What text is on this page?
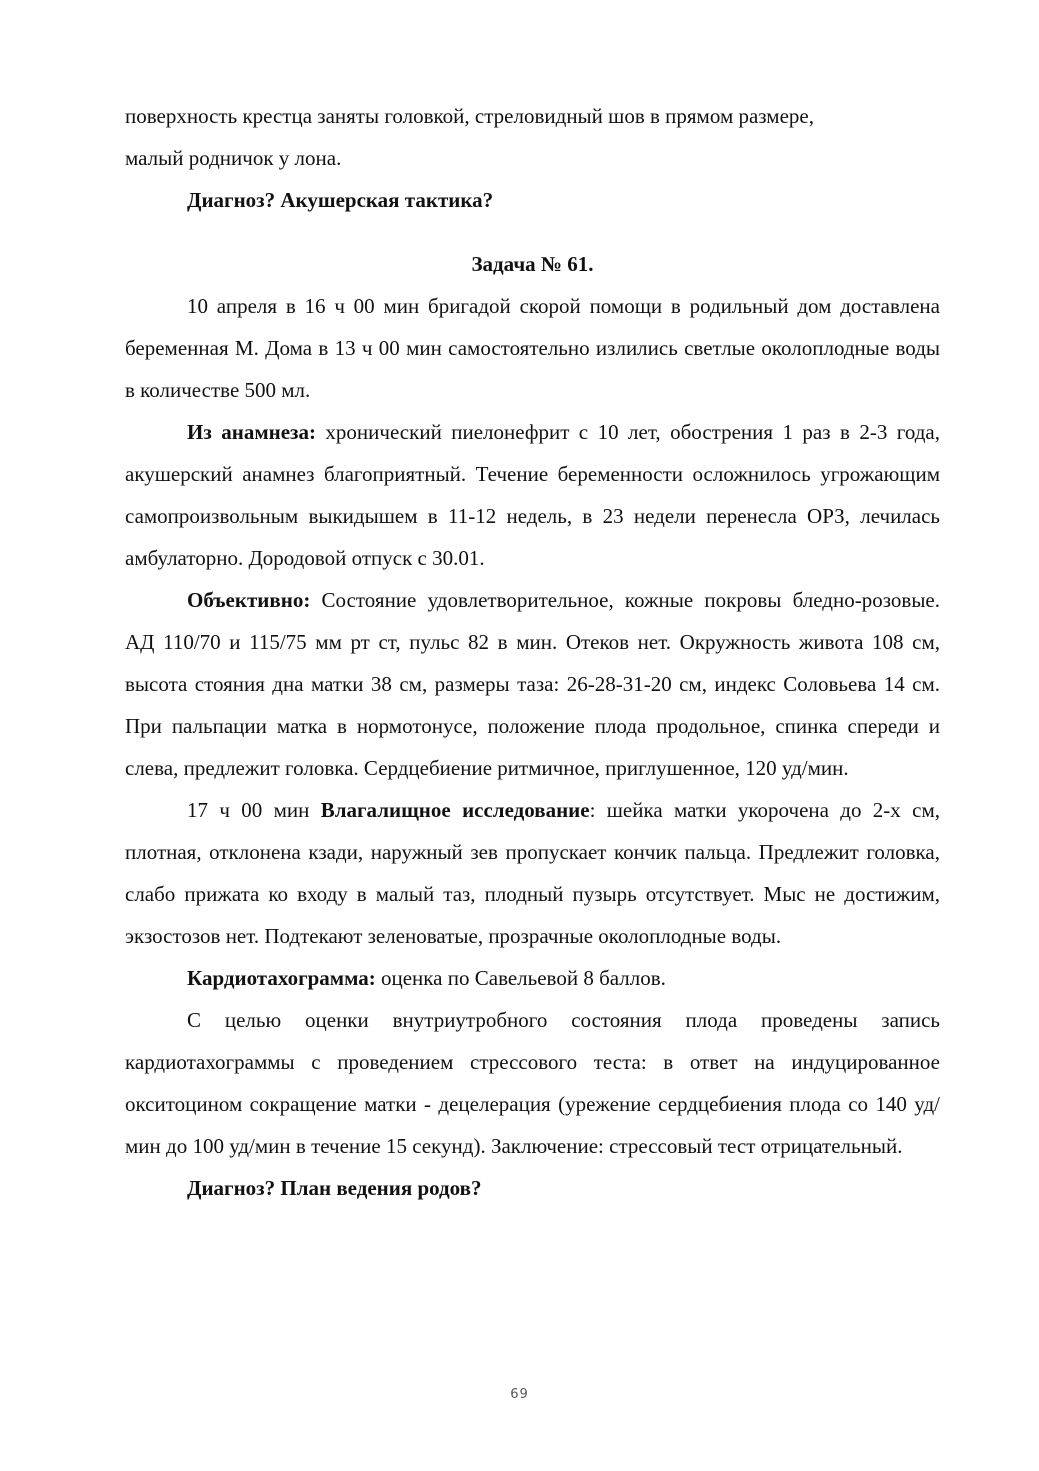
поверхность крестца заняты головкой, стреловидный шов в прямом размере,
малый родничок у лона.

Диагноз? Акушерская тактика?

Задача № 61.

10 апреля в 16 ч 00 мин бригадой скорой помощи в родильный дом доставлена беременная М. Дома в 13 ч 00 мин самостоятельно излились светлые околоплодные воды в количестве 500 мл.

Из анамнеза: хронический пиелонефрит с 10 лет, обострения 1 раз в 2-3 года, акушерский анамнез благоприятный. Течение беременности осложнилось угрожающим самопроизвольным выкидышем в 11-12 недель, в 23 недели перенесла ОРЗ, лечилась амбулаторно. Дородовой отпуск с 30.01.

Объективно: Состояние удовлетворительное, кожные покровы бледно-розовые. АД 110/70 и 115/75 мм рт ст, пульс 82 в мин. Отеков нет. Окружность живота 108 см, высота стояния дна матки 38 см, размеры таза: 26-28-31-20 см, индекс Соловьева 14 см. При пальпации матка в нормотонусе, положение плода продольное, спинка спереди и слева, предлежит головка. Сердцебиение ритмичное, приглушенное, 120 уд/мин.

17 ч 00 мин Влагалищное исследование: шейка матки укорочена до 2-х см, плотная, отклонена кзади, наружный зев пропускает кончик пальца. Предлежит головка, слабо прижата ко входу в малый таз, плодный пузырь отсутствует. Мыс не достижим, экзостозов нет. Подтекают зеленоватые, прозрачные околоплодные воды.

Кардиотахограмма: оценка по Савельевой 8 баллов.

С целью оценки внутриутробного состояния плода проведены запись кардиотахограммы с проведением стрессового теста: в ответ на индуцированное окситоцином сокращение матки - децелерация (урежение сердцебиения плода со 140 уд/мин до 100 уд/мин в течение 15 секунд). Заключение: стрессовый тест отрицательный.

Диагноз? План ведения родов?

69
